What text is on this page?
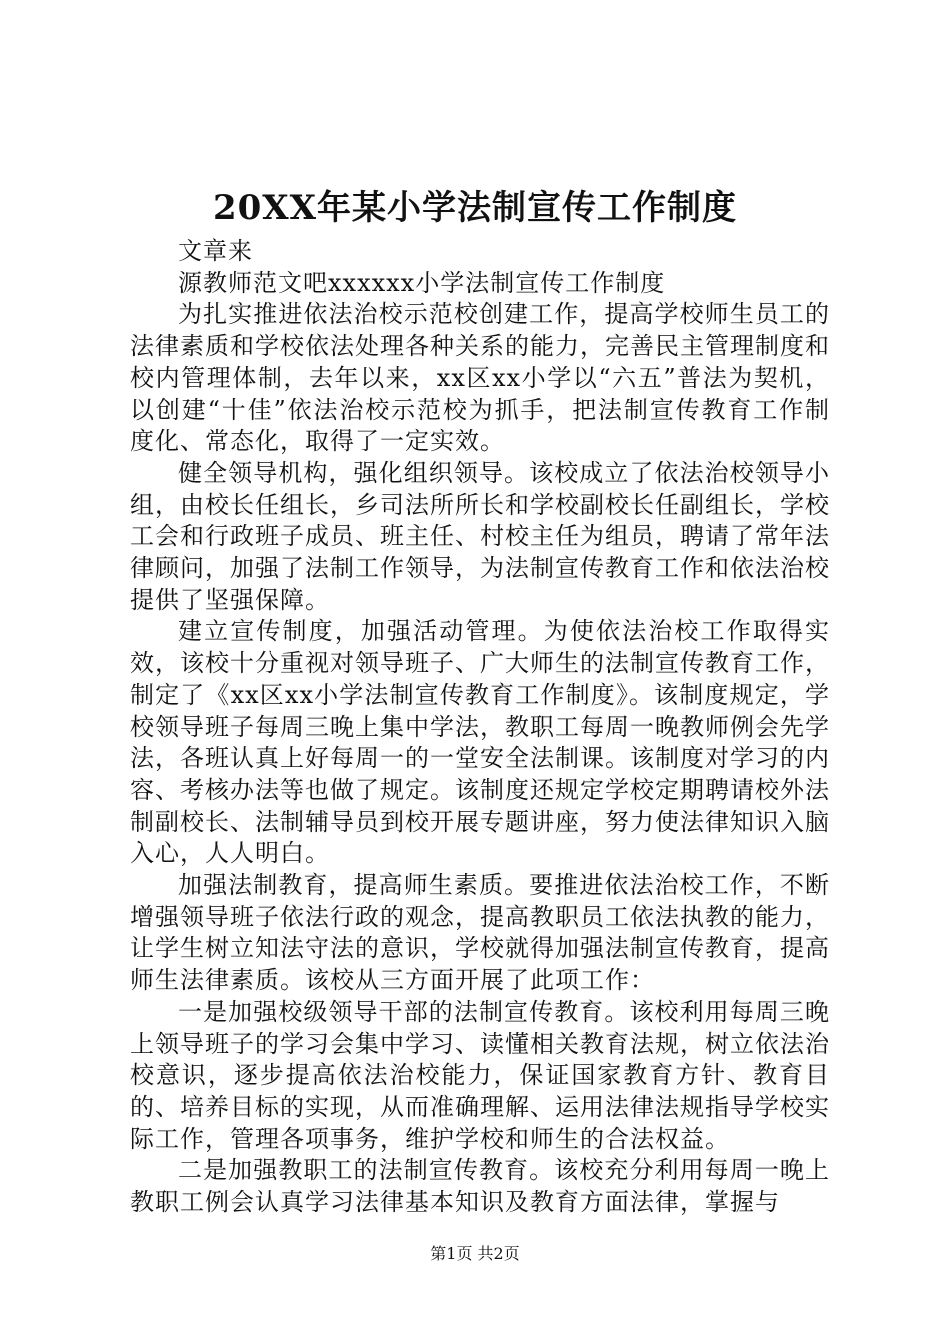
20XX年某小学法制宣传工作制度

文章来

源教师范文吧xxxxxx小学法制宣传工作制度

为扎实推进依法治校示范校创建工作，提高学校师生员工的法律素质和学校依法处理各种关系的能力，完善民主管理制度和校内管理体制，去年以来，xx区xx小学以“六五”普法为契机，以创建“十佳”依法治校示范校为抓手，把法制宣传教育工作制度化、常态化，取得了一定实效。

健全领导机构，强化组织领导。该校成立了依法治校领导小组，由校长任组长，乡司法所所长和学校副校长任副组长，学校工会和行政班子成员、班主任、村校主任为组员，聘请了常年法律顾问，加强了法制工作领导，为法制宣传教育工作和依法治校提供了坚强保障。

建立宣传制度，加强活动管理。为使依法治校工作取得实效，该校十分重视对领导班子、广大师生的法制宣传教育工作，制定了《xx区xx小学法制宣传教育工作制度》。该制度规定，学校领导班子每周三晚上集中学法，教职工每周一晚教师例会先学法，各班认真上好每周一的一堂安全法制课。该制度对学习的内容、考核办法等也做了规定。该制度还规定学校定期聘请校外法制副校长、法制辅导员到校开展专题讲座，努力使法律知识入脑入心，人人明白。

加强法制教育，提高师生素质。要推进依法治校工作，不断增强领导班子依法行政的观念，提高教职员工依法执教的能力，让学生树立知法守法的意识，学校就得加强法制宣传教育，提高师生法律素质。该校从三方面开展了此项工作：

一是加强校级领导干部的法制宣传教育。该校利用每周三晚上领导班子的学习会集中学习、读懂相关教育法规，树立依法治校意识，逐步提高依法治校能力，保证国家教育方针、教育目的、培养目标的实现，从而准确理解、运用法律法规指导学校实际工作，管理各项事务，维护学校和师生的合法权益。

二是加强教职工的法制宣传教育。该校充分利用每周一晚上教职工例会认真学习法律基本知识及教育方面法律，掌握与

第1页 共2页
